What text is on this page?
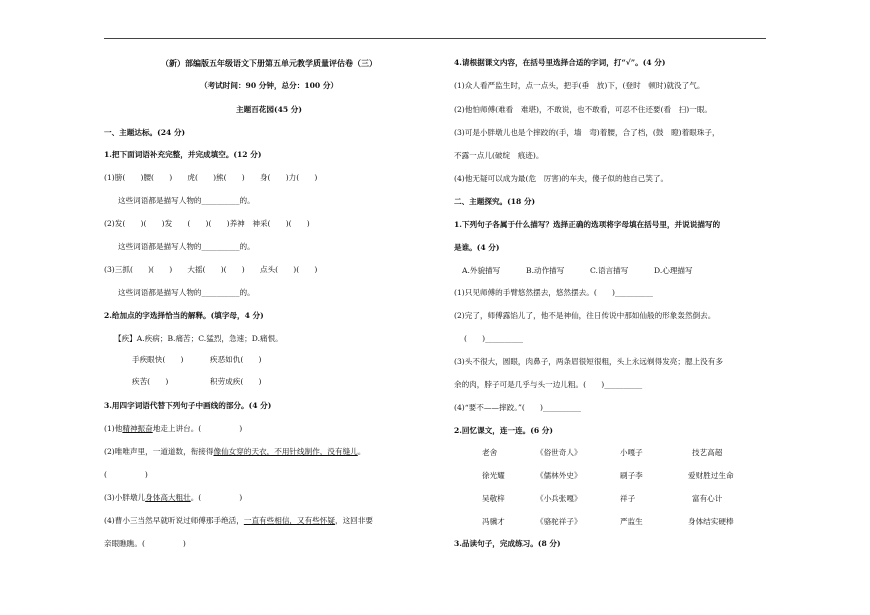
（新）部编版五年级语文下册第五单元教学质量评估卷（三）
（考试时间：90 分钟，总分：100 分）
主题百花园(45 分)
一、主题达标。(24 分)
1.把下面词语补充完整，并完成填空。(12 分)
(1)膀(　　)腰(　　)　　虎(　　)熊(　　)　　身(　　)力(　　)
这些词语都是描写人物的__________的。
(2)发(　　)(　　)发　　(　　)(　　)养神　神采(　　)(　　)
这些词语都是描写人物的__________的。
(3)三抓(　　)(　　)　　大摇(　　)(　　)　　点头(　　)(　　)
这些词语都是描写人物的__________的。
2.给加点的字选择恰当的解释。(填字母，4 分)
【疾】A.疾病；B.痛苦；C.猛烈，急速；D.痛恨。
手疾眼快(　　)	疾恶如仇(　　)
疾苦(　　)	积劳成疾(　　)
3.用四字词语代替下列句子中画线的部分。(4 分)
(1)他精神振奋地走上讲台。(　　　　　)
(2)唯唯声里，一道道数，衔接得像仙女穿的天衣，不用针线制作，没有缝儿。
(　　　　　)
(3)小胖墩儿身体高大粗壮。(　　　　　)
(4)曹小三当然早就听说过师傅那手绝活，一直有些相信，又有些怀疑，这回非要
亲眼瞧瞧。(　　　　　)
4.请根据课文内容，在括号里选择合适的字词，打“√”。(4 分)
(1)众人看严监生时，点一点头，把手(垂　放)下，(登时　顿时)就没了气。
(2)他怕师傅(难看　难堪)，不敢说，也不敢看，可忍不住还要(看　扫)一眼。
(3)可是小胖墩儿也是个摔跤的(手，墙　弯)着腰，合了档，(鼓　瞪)着眼珠子，
不露一点儿(破绽　痕迹)。
(4)他无疑可以成为最(危　厉害)的车夫，傻子似的他自己笑了。
二、主题探究。(18 分)
1.下列句子各属于什么描写？选择正确的选项将字母填在括号里，并说说描写的
是谁。(4 分)
A.外貌描写	B.动作描写	C.语言描写	D.心理描写
(1)只见师傅的手臂悠然摆去，悠然摆去。(　　)__________
(2)完了，师傅露馅儿了，他不是神仙，往日传说中那如仙般的形象轰然倒去。
(　　)__________
(3)头不很大，圆眼，肉鼻子，两条眉很短很粗，头上永远剃得发亮；腮上没有多
余的肉，脖子可是几乎与头一边儿粗。(　　)__________
(4)“要不——摔跤。”(　　)__________
2.回忆课文，连一连。(6 分)
老舍	《俗世奇人》	小嘎子	技艺高超
徐光耀	《儒林外史》	刷子李	爱财胜过生命
吴敬梓	《小兵张嘎》	祥子	富有心计
冯骥才	《骆驼祥子》	严监生	身体结实硬棒
3.品读句子，完成练习。(8 分)
